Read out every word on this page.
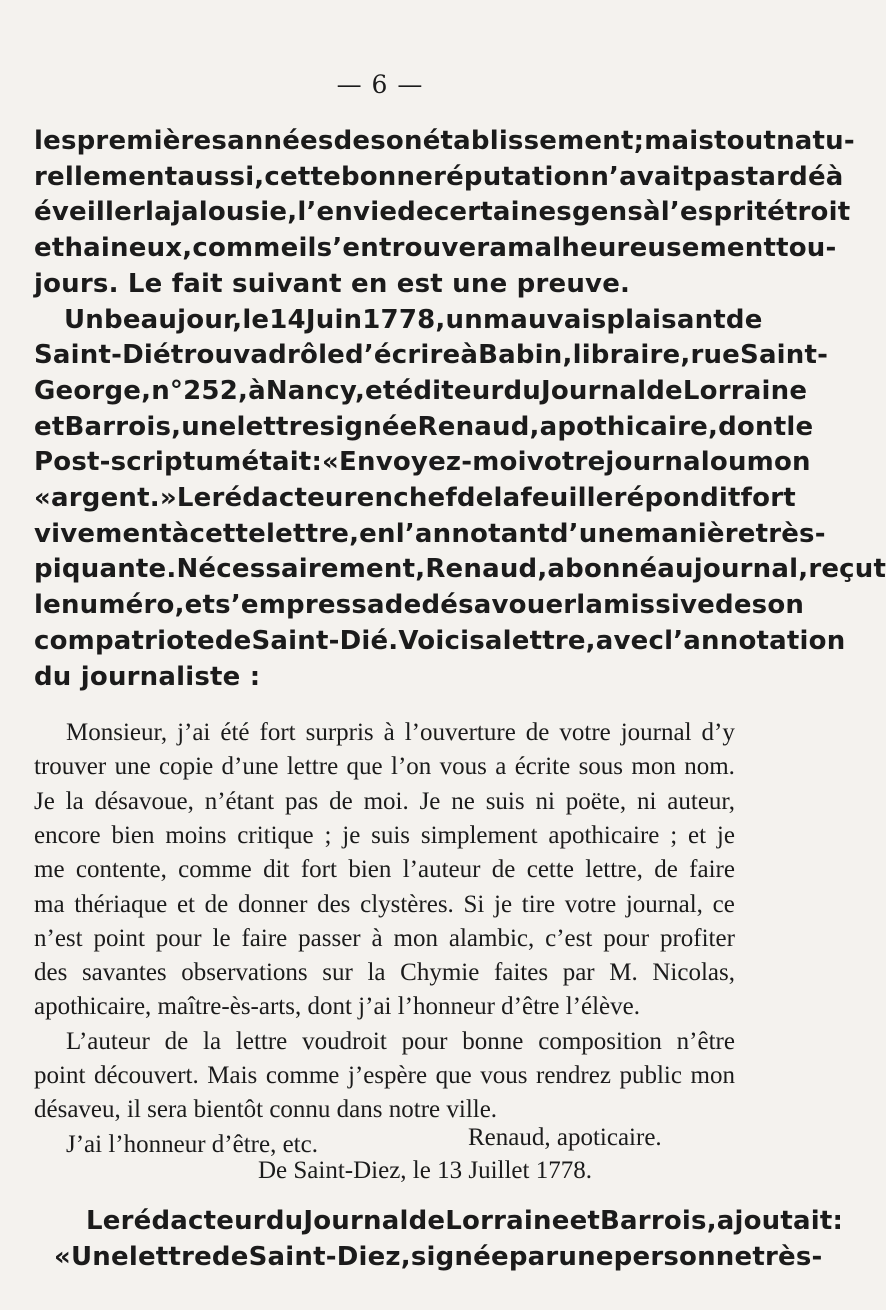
— 6 —
les premières années de son établissement ; mais tout natu-
rellement aussi, cette bonne réputation n’avait pas tardé à
éveiller la jalousie, l’envie de certaines gens à l’esprit étroit
et haineux, comme il s’en trouvera malheureusement tou-
jours. Le fait suivant en est une preuve.
Un beau jour, le 14 Juin 1778, un mauvais plaisant de
Saint-Dié trouva drôle d’écrire à Babin, libraire, rue Saint-
George, n° 252, à Nancy, et éditeur du Journal de Lorraine
et Barrois, une lettre signée Renaud, apothicaire, dont le
Post-scriptum était : « Envoyez-moi votre journal ou mon
« argent. » Le rédacteur en chef de la feuille répondit fort
vivement à cette lettre, en l’annotant d’une manière très-
piquante. Nécessairement, Renaud, abonné au journal, reçut
le numéro, et s’empressa de désavouer la missive de son
compatriote de Saint-Dié. Voici sa lettre, avec l’annotation
du journaliste :
Monsieur, j’ai été fort surpris à l’ouverture de votre journal d’y
trouver une copie d’une lettre que l’on vous a écrite sous mon nom.
Je la désavoue, n’étant pas de moi. Je ne suis ni poëte, ni auteur,
encore bien moins critique ; je suis simplement apothicaire ; et je
me contente, comme dit fort bien l’auteur de cette lettre, de faire
ma thériaque et de donner des clystères. Si je tire votre journal, ce
n’est point pour le faire passer à mon alambic, c’est pour profiter
des savantes observations sur la Chymie faites par M. Nicolas,
apothicaire, maître-ès-arts, dont j’ai l’honneur d’être l’élève.
L’auteur de la lettre voudroit pour bonne composition n’être
point découvert. Mais comme j’espère que vous rendrez public mon
désaveu, il sera bientôt connu dans notre ville.
J’ai l’honneur d’être, etc.	Renaud, apoticaire.
De Saint-Diez, le 13 Juillet 1778.
Le rédacteur du Journal de Lorraine et Barrois, ajoutait :
« Une lettre de Saint-Diez, signée par une personne très-
